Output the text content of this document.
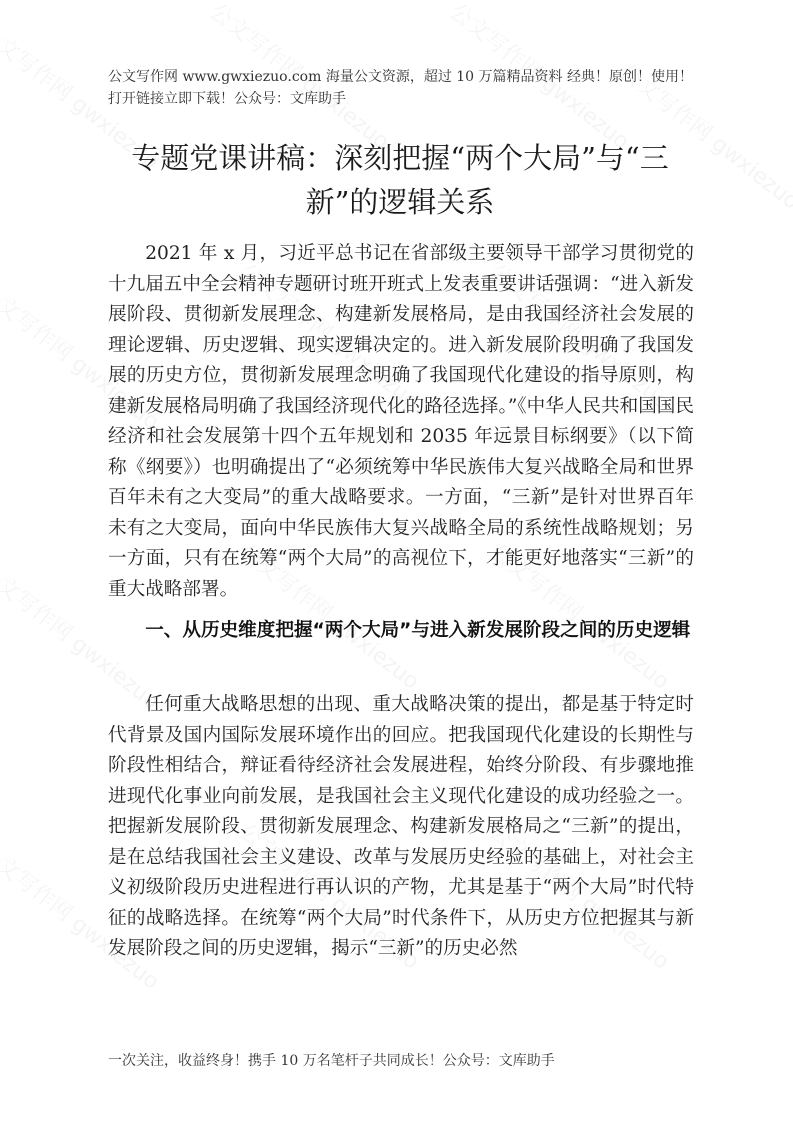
公文写作网 www.gwxiezuo.com 海量公文资源，超过 10 万篇精品资料 经典！原创！使用！打开链接立即下载！公众号：文库助手
专题党课讲稿：深刻把握“两个大局”与“三新”的逻辑关系

2021 年 x 月，习近平总书记在省部级主要领导干部学习贯彻党的十九届五中全会精神专题研讨班开班式上发表重要讲话强调：“进入新发展阶段、贯彻新发展理念、构建新发展格局，是由我国经济社会发展的理论逻辑、历史逻辑、现实逻辑决定的。进入新发展阶段明确了我国发展的历史方位，贯彻新发展理念明确了我国现代化建设的指导原则，构建新发展格局明确了我国经济现代化的路径选择。”《中华人民共和国国民经济和社会发展第十四个五年规划和 2035 年远景目标纲要》（以下简称《纲要》）也明确提出了“必须统筹中华民族伟大复兴战略全局和世界百年未有之大变局”的重大战略要求。一方面，“三新”是针对世界百年未有之大变局，面向中华民族伟大复兴战略全局的系统性战略规划；另一方面，只有在统筹“两个大局”的高视位下，才能更好地落实“三新”的重大战略部署。

一、从历史维度把握“两个大局”与进入新发展阶段之间的历史逻辑

任何重大战略思想的出现、重大战略决策的提出，都是基于特定时代背景及国内国际发展环境作出的回应。把我国现代化建设的长期性与阶段性相结合，辩证看待经济社会发展进程，始终分阶段、有步骤地推进现代化事业向前发展，是我国社会主义现代化建设的成功经验之一。把握新发展阶段、贯彻新发展理念、构建新发展格局之“三新”的提出，是在总结我国社会主义建设、改革与发展历史经验的基础上，对社会主义初级阶段历史进程进行再认识的产物，尤其是基于“两个大局”时代特征的战略选择。在统筹“两个大局”时代条件下，从历史方位把握其与新发展阶段之间的历史逻辑，揭示“三新”的历史必然

一次关注，收益终身！携手 10 万名笔杆子共同成长！公众号：文库助手
